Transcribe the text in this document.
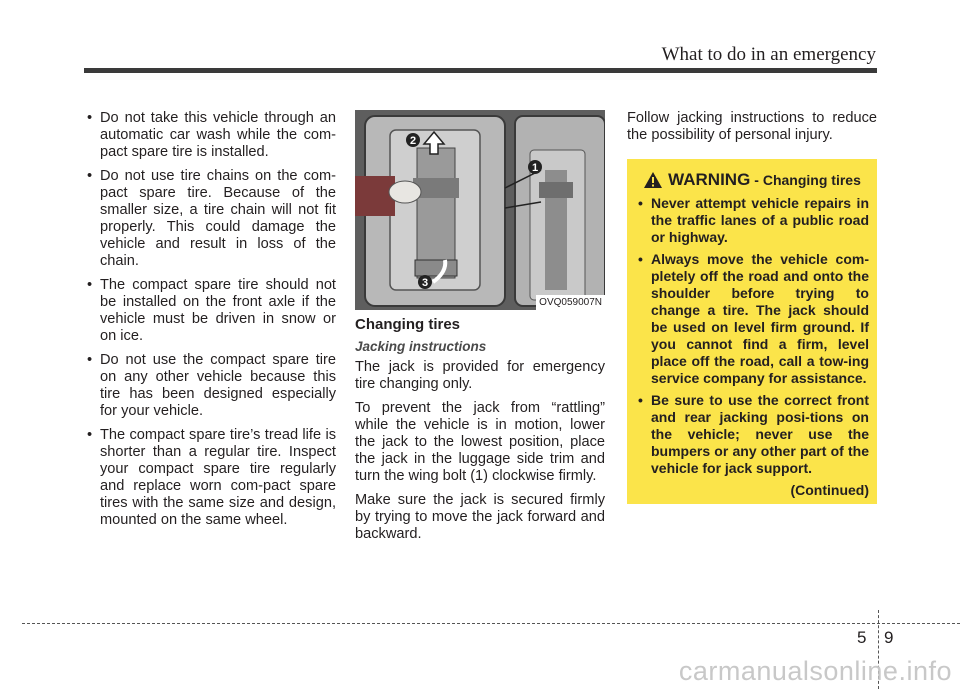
What to do in an emergency
• Do not take this vehicle through an automatic car wash while the com-pact spare tire is installed.
• Do not use tire chains on the com-pact spare tire. Because of the smaller size, a tire chain will not fit properly. This could damage the vehicle and result in loss of the chain.
• The compact spare tire should not be installed on the front axle if the vehicle must be driven in snow or on ice.
• Do not use the compact spare tire on any other vehicle because this tire has been designed especially for your vehicle.
• The compact spare tire’s tread life is shorter than a regular tire. Inspect your compact spare tire regularly and replace worn com-pact spare tires with the same size and design, mounted on the same wheel.
2
1
3
OVQ059007N
Changing tires
Jacking instructions

The jack is provided for emergency tire changing only.

To prevent the jack from “rattling” while the vehicle is in motion, lower the jack to the lowest position, place the jack in the luggage side trim and turn the wing bolt (1) clockwise firmly.

Make sure the jack is secured firmly by trying to move the jack forward and backward.

Follow jacking instructions to reduce the possibility of personal injury.

WARNING - Changing tires
• Never attempt vehicle repairs in the traffic lanes of a public road or highway.
• Always move the vehicle com-pletely off the road and onto the shoulder before trying to change a tire. The jack should be used on level firm ground. If you cannot find a firm, level place off the road, call a tow-ing service company for assistance.
• Be sure to use the correct front and rear jacking posi-tions on the vehicle; never use the bumpers or any other part of the vehicle for jack support.
(Continued)
5 9
carmanualsonline.info
